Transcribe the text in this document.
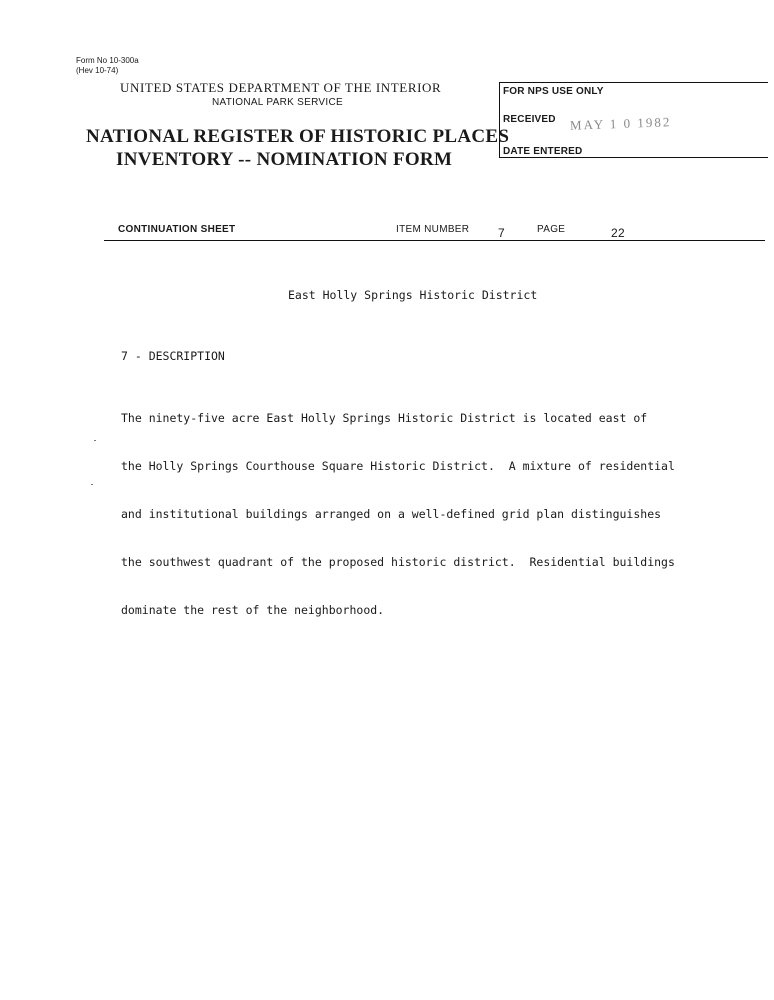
Form No 10-300a
(Hev 10-74)
UNITED STATES DEPARTMENT OF THE INTERIOR
NATIONAL PARK SERVICE
NATIONAL REGISTER OF HISTORIC PLACES
INVENTORY -- NOMINATION FORM
FOR NPS USE ONLY
RECEIVED MAY 1 0 1982
DATE ENTERED
CONTINUATION SHEET	ITEM NUMBER 7	PAGE	22
East Holly Springs Historic District
7 - DESCRIPTION

The ninety-five acre East Holly Springs Historic District is located east of

the Holly Springs Courthouse Square Historic District.  A mixture of residential

and institutional buildings arranged on a well-defined grid plan distinguishes

the southwest quadrant of the proposed historic district.  Residential buildings

dominate the rest of the neighborhood.
